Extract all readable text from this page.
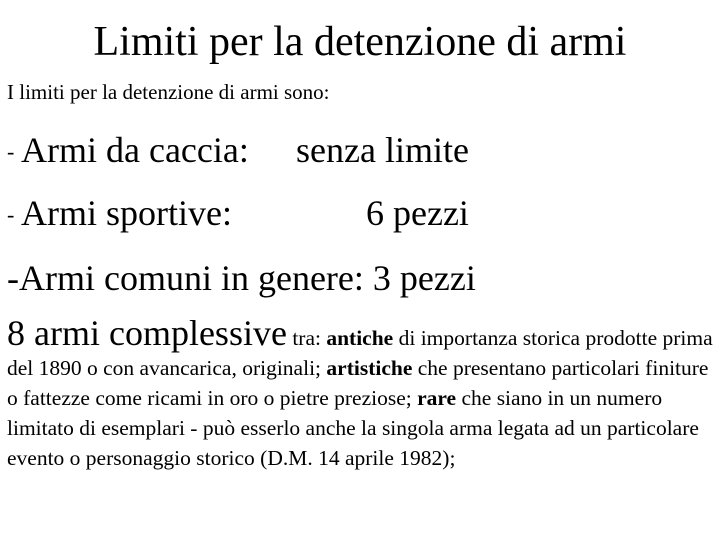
Limiti per la detenzione di armi
I limiti per la detenzione di armi sono:
- Armi da caccia: senza limite
- Armi sportive:	6 pezzi
-Armi comuni in genere: 3 pezzi
8 armi complessive tra: antiche di importanza storica prodotte prima del 1890 o con avancarica, originali; artistiche che presentano particolari finiture o fattezze come ricami in oro o pietre preziose; rare che siano in un numero limitato di esemplari - può esserlo anche la singola arma legata ad un particolare evento o personaggio storico (D.M. 14 aprile 1982);
